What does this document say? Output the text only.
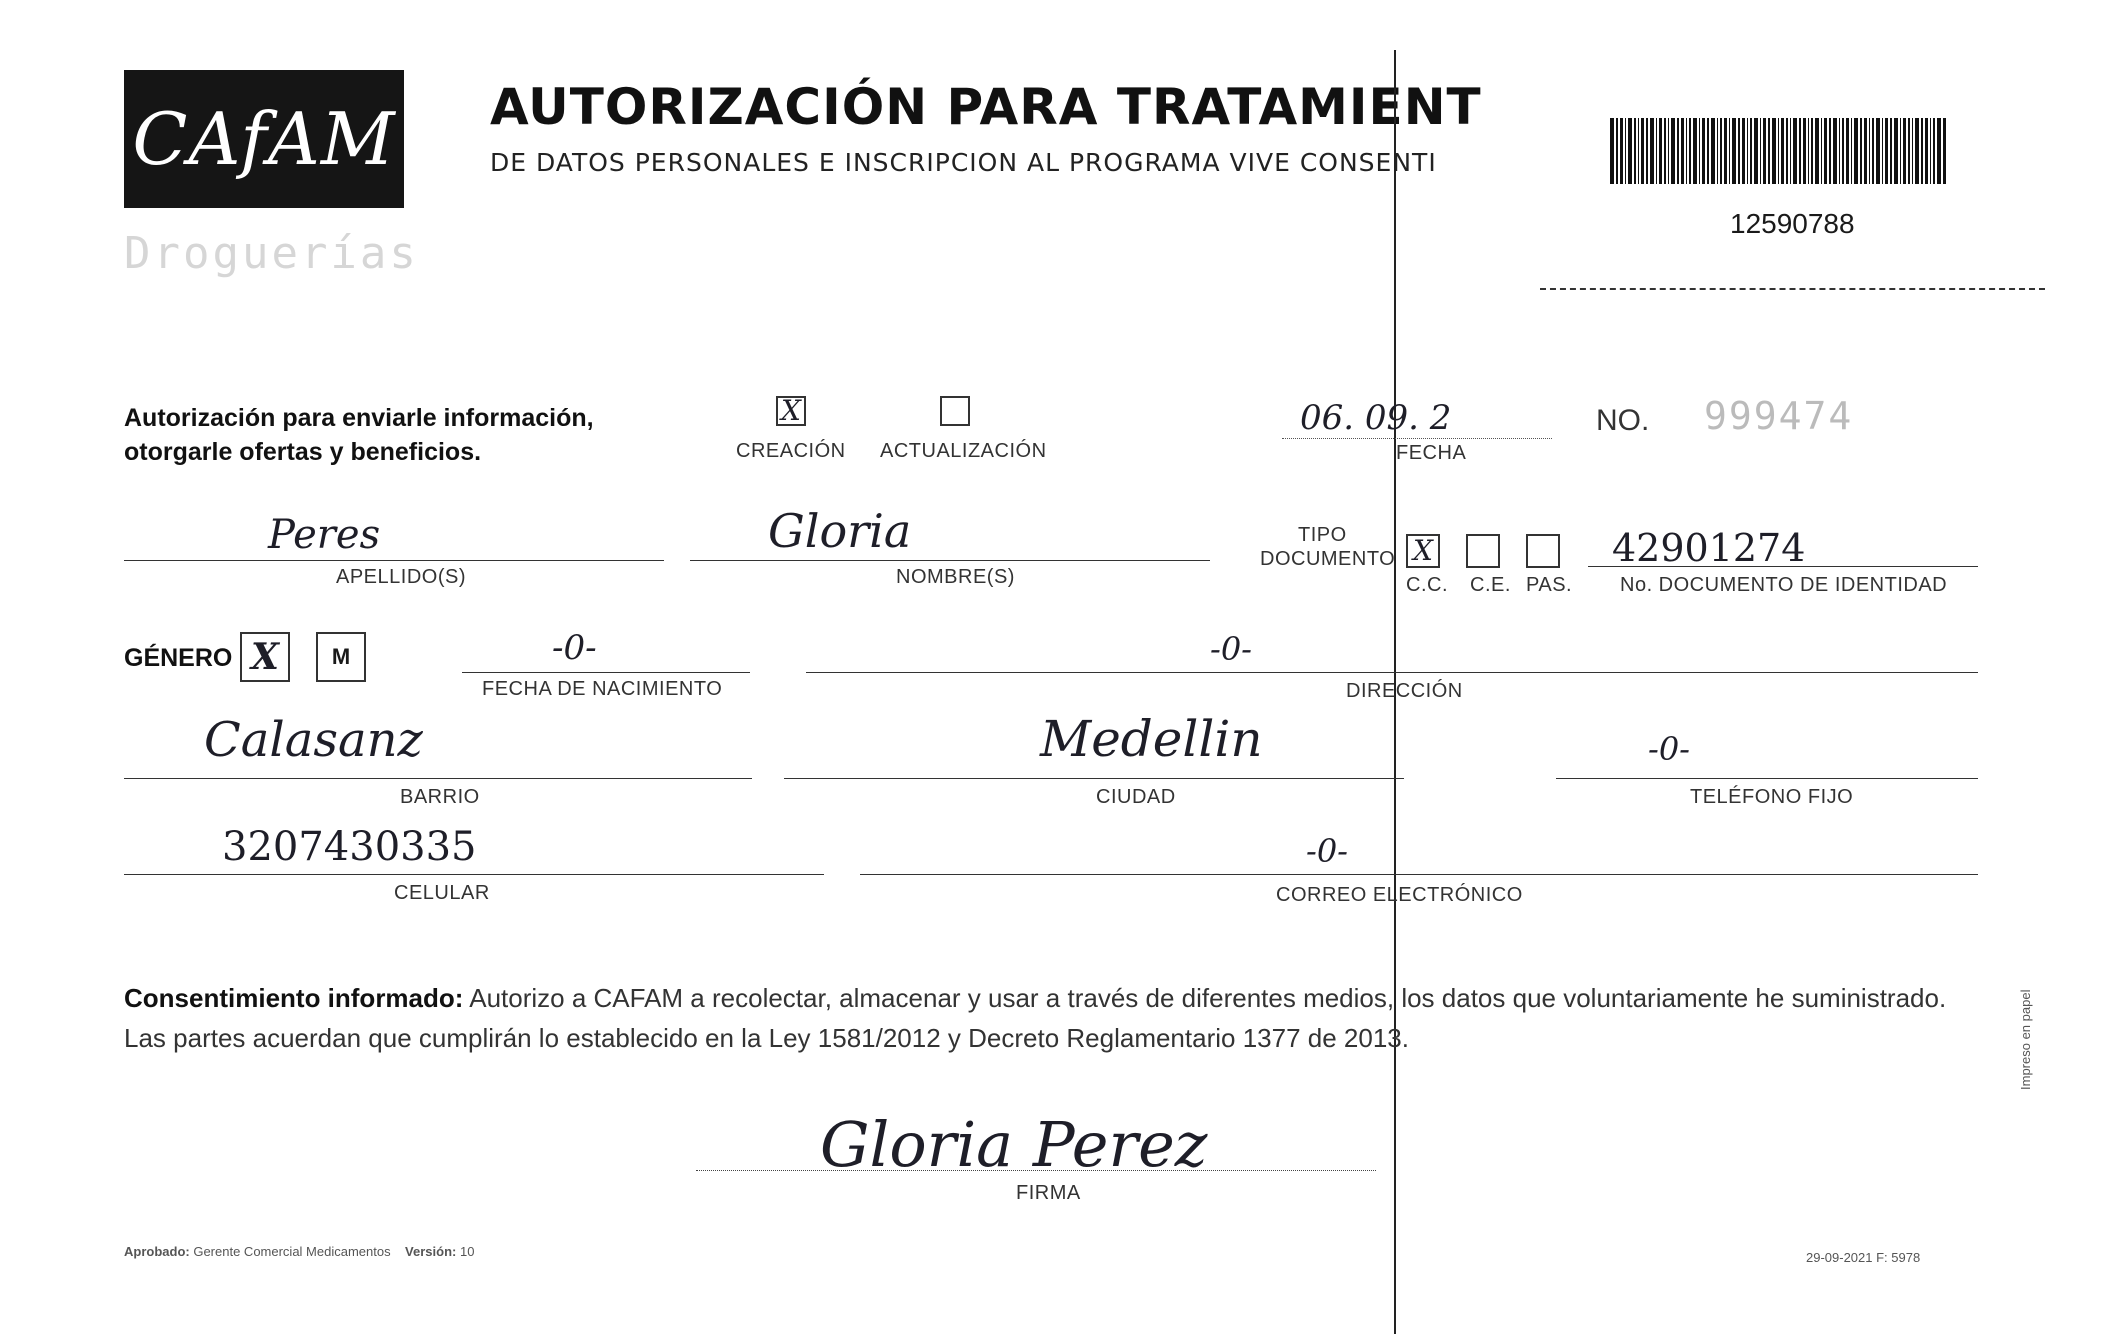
CAfAM
Droguerías
AUTORIZACIÓN PARA TRATAMIENT
DE DATOS PERSONALES E INSCRIPCION AL PROGRAMA VIVE CONSENTI
12590788
Autorización para enviarle información,
otorgarle ofertas y beneficios.
X
CREACIÓN ACTUALIZACIÓN
06. 09. 2
FECHA
NO. 999474
Peres
APELLIDO(S)
Gloria
NOMBRE(S)
TIPO
DOCUMENTO X
C.C. C.E. PAS.
42901274
No. DOCUMENTO DE IDENTIDAD
GÉNERO X M	-0-
FECHA DE NACIMIENTO
-0-
DIRECCIÓN
Calasanz
BARRIO
Medellin
CIUDAD
-0-
TELÉFONO FIJO
3207430335
CELULAR
-0-
CORREO ELECTRÓNICO
Consentimiento informado: Autorizo a CAFAM a recolectar, almacenar y usar a través de diferentes medios, los datos que voluntariamente he suministrado.
Las partes acuerdan que cumplirán lo establecido en la Ley 1581/2012 y Decreto Reglamentario 1377 de 2013.
Gloria Perez
FIRMA
Aprobado: Gerente Comercial Medicamentos Versión: 10	29-09-2021 F: 5978
Impreso en papel
